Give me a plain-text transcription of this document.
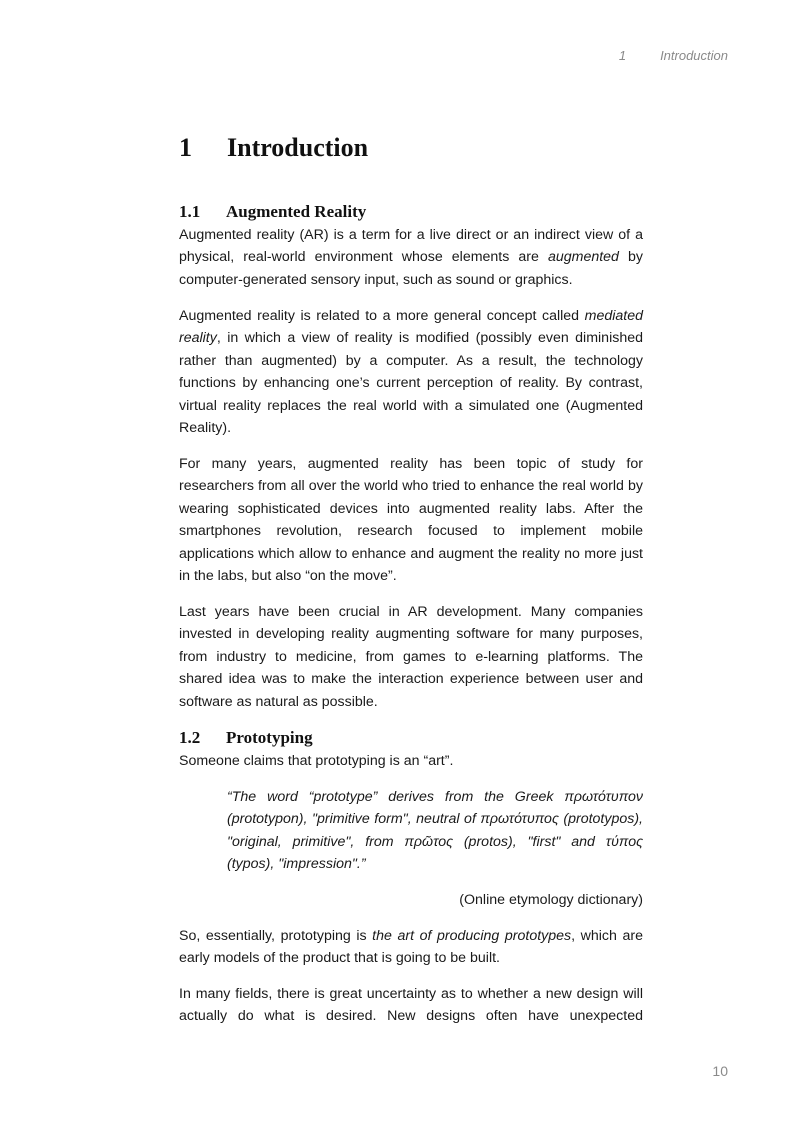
1	Introduction
1 Introduction
1.1 Augmented Reality

Augmented reality (AR) is a term for a live direct or an indirect view of a physical, real-world environment whose elements are augmented by computer-generated sensory input, such as sound or graphics.

Augmented reality is related to a more general concept called mediated reality, in which a view of reality is modified (possibly even diminished rather than augmented) by a computer. As a result, the technology functions by enhancing one’s current perception of reality. By contrast, virtual reality replaces the real world with a simulated one (Augmented Reality).

For many years, augmented reality has been topic of study for researchers from all over the world who tried to enhance the real world by wearing sophisticated devices into augmented reality labs. After the smartphones revolution, research focused to implement mobile applications which allow to enhance and augment the reality no more just in the labs, but also “on the move”.

Last years have been crucial in AR development. Many companies invested in developing reality augmenting software for many purposes, from industry to medicine, from games to e-learning platforms. The shared idea was to make the interaction experience between user and software as natural as possible.

1.2 Prototyping

Someone claims that prototyping is an “art”.

“The word “prototype” derives from the Greek πρωτότυπον (prototypon), "primitive form", neutral of πρωτότυπος (prototypos), "original, primitive", from πρῶτος (protos), "first" and τύπος (typos), "impression".”

(Online etymology dictionary)

So, essentially, prototyping is the art of producing prototypes, which are early models of the product that is going to be built.

In many fields, there is great uncertainty as to whether a new design will actually do what is desired. New designs often have unexpected

10
